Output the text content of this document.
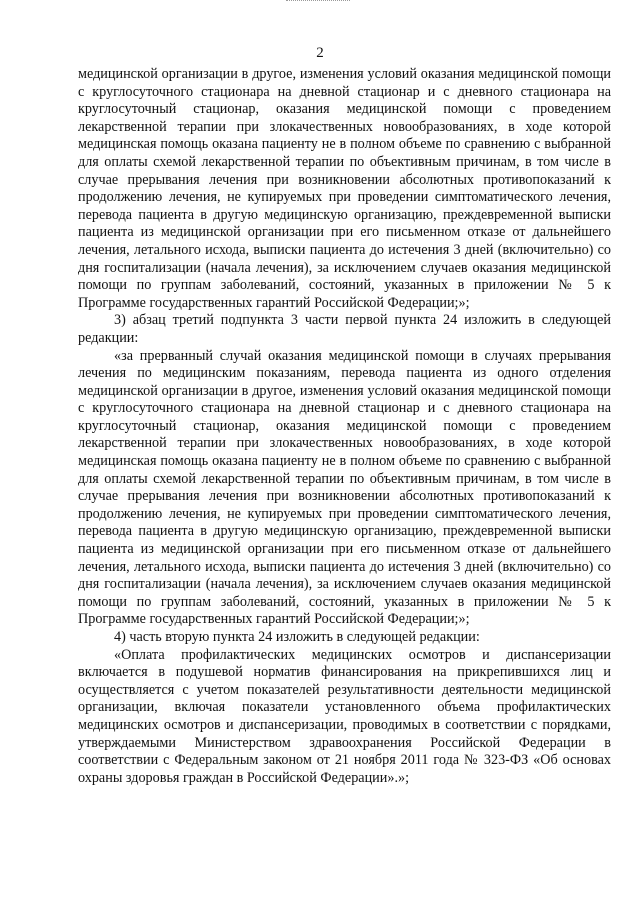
2

медицинской организации в другое, изменения условий оказания медицинской помощи с круглосуточного стационара на дневной стационар и с дневного стационара на круглосуточный стационар, оказания медицинской помощи с проведением лекарственной терапии при злокачественных новообразованиях, в ходе которой медицинская помощь оказана пациенту не в полном объеме по сравнению с выбранной для оплаты схемой лекарственной терапии по объективным причинам, в том числе в случае прерывания лечения при возникновении абсолютных противопоказаний к продолжению лечения, не купируемых при проведении симптоматического лечения, перевода пациента в другую медицинскую организацию, преждевременной выписки пациента из медицинской организации при его письменном отказе от дальнейшего лечения, летального исхода, выписки пациента до истечения 3 дней (включительно) со дня госпитализации (начала лечения), за исключением случаев оказания медицинской помощи по группам заболеваний, состояний, указанных в приложении № 5 к Программе государственных гарантий Российской Федерации;»;

3) абзац третий подпункта 3 части первой пункта 24 изложить в следующей редакции:

«за прерванный случай оказания медицинской помощи в случаях прерывания лечения по медицинским показаниям, перевода пациента из одного отделения медицинской организации в другое, изменения условий оказания медицинской помощи с круглосуточного стационара на дневной стационар и с дневного стационара на круглосуточный стационар, оказания медицинской помощи с проведением лекарственной терапии при злокачественных новообразованиях, в ходе которой медицинская помощь оказана пациенту не в полном объеме по сравнению с выбранной для оплаты схемой лекарственной терапии по объективным причинам, в том числе в случае прерывания лечения при возникновении абсолютных противопоказаний к продолжению лечения, не купируемых при проведении симптоматического лечения, перевода пациента в другую медицинскую организацию, преждевременной выписки пациента из медицинской организации при его письменном отказе от дальнейшего лечения, летального исхода, выписки пациента до истечения 3 дней (включительно) со дня госпитализации (начала лечения), за исключением случаев оказания медицинской помощи по группам заболеваний, состояний, указанных в приложении № 5 к Программе государственных гарантий Российской Федерации;»;

4) часть вторую пункта 24 изложить в следующей редакции:

«Оплата профилактических медицинских осмотров и диспансеризации включается в подушевой норматив финансирования на прикрепившихся лиц и осуществляется с учетом показателей результативности деятельности медицинской организации, включая показатели установленного объема профилактических медицинских осмотров и диспансеризации, проводимых в соответствии с порядками, утверждаемыми Министерством здравоохранения Российской Федерации в соответствии с Федеральным законом от 21 ноября 2011 года № 323-ФЗ «Об основах охраны здоровья граждан в Российской Федерации».»;
